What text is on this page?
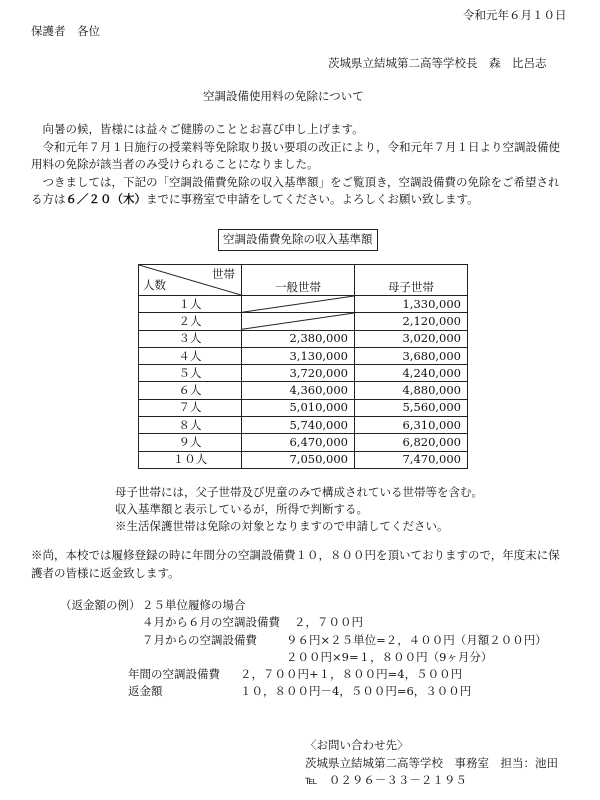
令和元年６月１０日
保護者　各位
茨城県立結城第二高等学校長　森　比呂志
空調設備使用料の免除について

向暑の候，皆様には益々ご健勝のこととお喜び申し上げます。

令和元年７月１日施行の授業料等免除取り扱い要項の改正により，令和元年７月１日より空調設備使用料の免除が該当者のみ受けられることになりました。

つきましては，下記の「空調設備費免除の収入基準額」をご覧頂き，空調設備費の免除をご希望される方は６／２０（木）までに事務室で申請をしてください。よろしくお願い致します。

空調設備費免除の収入基準額
世帯
人数	一般世帯	母子世帯

１人		1,330,000
２人		2,120,000
３人	2,380,000	3,020,000
４人	3,130,000	3,680,000
５人	3,720,000	4,240,000
６人	4,360,000	4,880,000
７人	5,010,000	5,560,000
８人	5,740,000	6,310,000
９人	6,470,000	6,820,000
１０人	7,050,000	7,470,000
母子世帯には，父子世帯及び児童のみで構成されている世帯等を含む。
収入基準額と表示しているが，所得で判断する。
※生活保護世帯は免除の対象となりますので申請してください。
※尚，本校では履修登録の時に年間分の空調設備費１０，８００円を頂いておりますので，年度末に保護者の皆様に返金致します。
（返金額の例） ２５単位履修の場合
４月から６月の空調設備費 ２，７００円
７月からの空調設備費	９６円×２５単位=２，４００円（月額２００円）
２００円×9=１，８００円（9ヶ月分）
年間の空調設備費 ２，７００円+１，８００円=4，５００円
返金額	１０，８００円－4，５００円=6，３００円
〈お問い合わせ先〉
茨城県立結城第二高等学校　事務室　担当：池田
℡　 ０２９６－３３－２１９５
